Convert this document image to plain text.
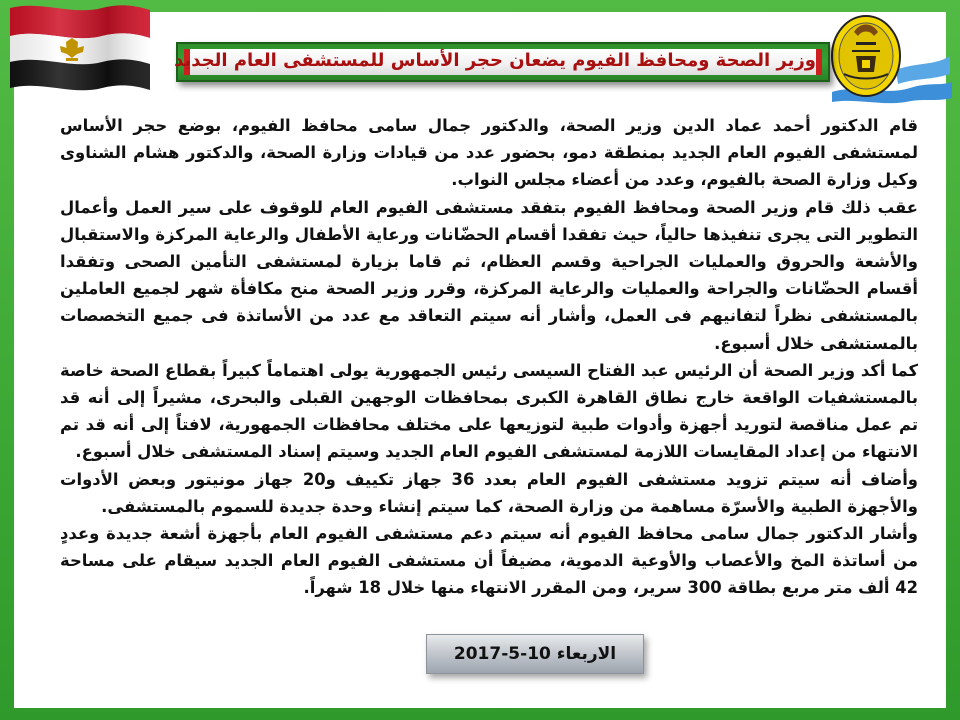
وزير الصحة ومحافظ الفيوم يضعان حجر الأساس للمستشفى العام الجديد

قام الدكتور أحمد عماد الدين وزير الصحة، والدكتور جمال سامى محافظ الفيوم، بوضع حجر الأساس لمستشفى الفيوم العام الجديد بمنطقة دمو، بحضور عدد من قيادات وزارة الصحة، والدكتور هشام الشناوى وكيل وزارة الصحة بالفيوم، وعدد من أعضاء مجلس النواب.

عقب ذلك قام وزير الصحة ومحافظ الفيوم بتفقد مستشفى الفيوم العام للوقوف على سير العمل وأعمال التطوير التى يجرى تنفيذها حالياً، حيث تفقدا أقسام الحضّانات ورعاية الأطفال والرعاية المركزة والاستقبال والأشعة والحروق والعمليات الجراحية وقسم العظام، ثم قاما بزيارة لمستشفى التأمين الصحى وتفقدا أقسام الحضّانات والجراحة والعمليات والرعاية المركزة، وقرر وزير الصحة منح مكافأة شهر لجميع العاملين بالمستشفى نظراً لتفانيهم فى العمل، وأشار أنه سيتم التعاقد مع عدد من الأساتذة فى جميع التخصصات بالمستشفى خلال أسبوع.

كما أكد وزير الصحة أن الرئيس عبد الفتاح السيسى رئيس الجمهورية يولى اهتماماً كبيراً بقطاع الصحة خاصة بالمستشفيات الواقعة خارج نطاق القاهرة الكبرى بمحافظات الوجهين القبلى والبحرى، مشيراً إلى أنه قد تم عمل مناقصة لتوريد أجهزة وأدوات طبية لتوزيعها على مختلف محافظات الجمهورية، لافتاً إلى أنه قد تم الانتهاء من إعداد المقايسات اللازمة لمستشفى الفيوم العام الجديد وسيتم إسناد المستشفى خلال أسبوع.

وأضاف أنه سيتم تزويد مستشفى الفيوم العام بعدد 36 جهاز تكييف و20 جهاز مونيتور وبعض الأدوات والأجهزة الطبية والأسرّة مساهمة من وزارة الصحة، كما سيتم إنشاء وحدة جديدة للسموم بالمستشفى.

وأشار الدكتور جمال سامى محافظ الفيوم أنه سيتم دعم مستشفى الفيوم العام بأجهزة أشعة جديدة وعددٍ من أساتذة المخ والأعصاب والأوعية الدموية، مضيفاً أن مستشفى الفيوم العام الجديد سيقام على مساحة 42 ألف متر مربع بطاقة 300 سرير، ومن المقرر الانتهاء منها خلال 18 شهراً.

الاربعاء 10-5-2017
